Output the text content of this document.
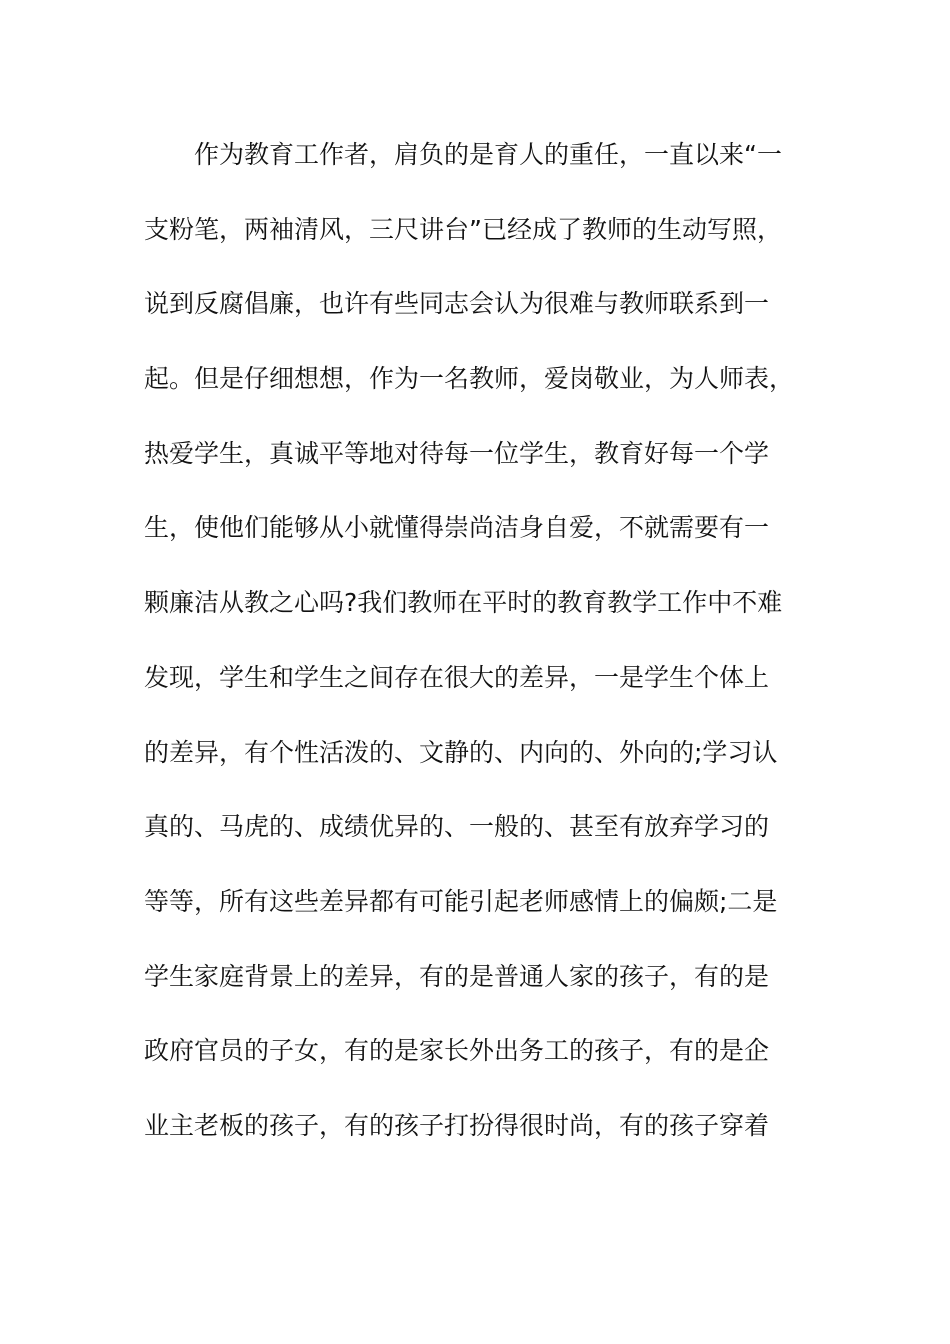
　　作为教育工作者，肩负的是育人的重任，一直以来“一
支粉笔，两袖清风，三尺讲台”已经成了教师的生动写照，
说到反腐倡廉，也许有些同志会认为很难与教师联系到一
起。但是仔细想想，作为一名教师，爱岗敬业，为人师表，
热爱学生，真诚平等地对待每一位学生，教育好每一个学
生，使他们能够从小就懂得崇尚洁身自爱，不就需要有一
颗廉洁从教之心吗?我们教师在平时的教育教学工作中不难
发现，学生和学生之间存在很大的差异，一是学生个体上
的差异，有个性活泼的、文静的、内向的、外向的;学习认
真的、马虎的、成绩优异的、一般的、甚至有放弃学习的
等等，所有这些差异都有可能引起老师感情上的偏颇;二是
学生家庭背景上的差异，有的是普通人家的孩子，有的是
政府官员的子女，有的是家长外出务工的孩子，有的是企
业主老板的孩子，有的孩子打扮得很时尚，有的孩子穿着
